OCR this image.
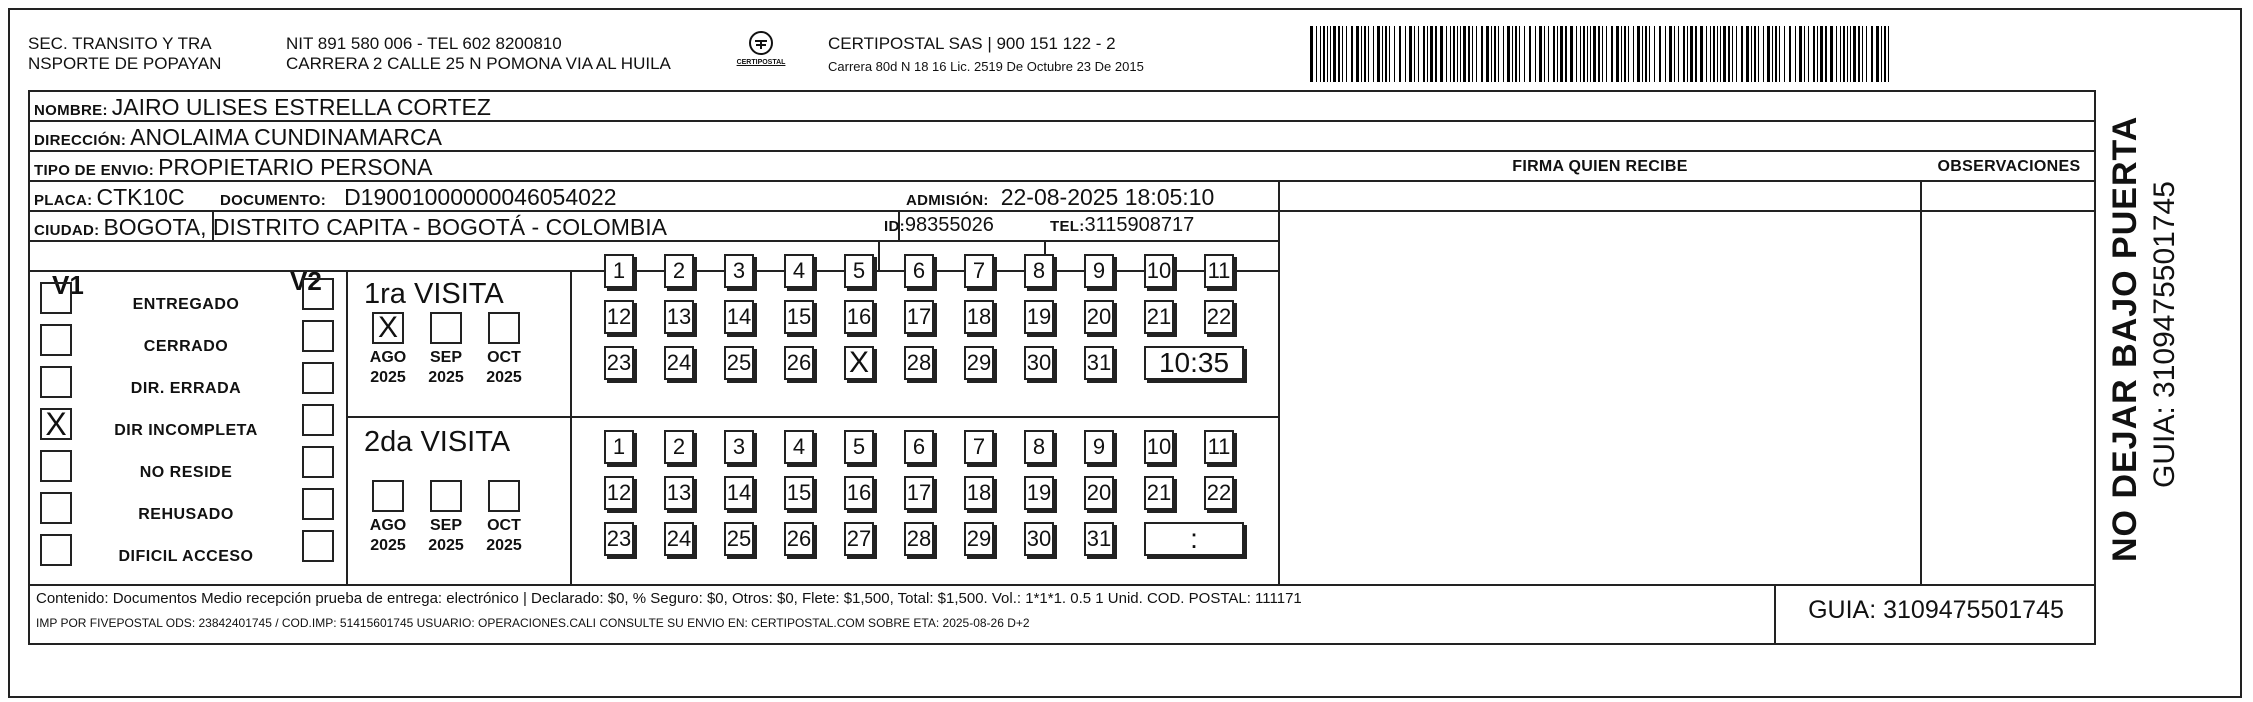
SEC. TRANSITO Y TRA
NSPORTE DE POPAYAN
NIT 891 580 006 - TEL 602 8200810
CARRERA 2 CALLE 25 N POMONA VIA AL HUILA	CERTIPOSTAL
CERTIPOSTAL SAS | 900 151 122 - 2
Carrera 80d N 18 16 Lic. 2519 De Octubre 23 De 2015
NOMBRE: JAIRO ULISES ESTRELLA CORTEZ
DIRECCIÓN: ANOLAIMA CUNDINAMARCA
TIPO DE ENVIO: PROPIETARIO PERSONA	FIRMA QUIEN RECIBE	OBSERVACIONES
PLACA: CTK10C DOCUMENTO: D19001000000046054022	ADMISIÓN: 22-08-2025 18:05:10
CIUDAD: BOGOTA, DISTRITO CAPITA - BOGOTÁ - COLOMBIA	ID: 98355026	TEL: 3115908717
V1	V2
ENTREGADO
CERRADO
DIR. ERRADA
X	DIR INCOMPLETA
NO RESIDE
REHUSADO
DIFICIL ACCESO
1ra VISITA
X
AGO
2025
SEP
2025
OCT
2025
1	2	3	4	5	6	7	8	9	10 11
12 13 14 15 16 17 18 19 20 21 22
23 24 25 26 X 28 29 30 31	10:35
2da VISITA
AGO
2025
SEP
2025
OCT
2025
1	2	3	4	5	6	7	8	9	10 11
12 13 14 15 16 17 18 19 20 21 22
23 24 25 26 27 28 29 30 31	:
Contenido: Documentos Medio recepción prueba de entrega: electrónico | Declarado: $0, % Seguro: $0, Otros: $0, Flete: $1,500, Total: $1,500. Vol.: 1*1*1. 0.5 1 Unid. COD. POSTAL: 111171
IMP POR FIVEPOSTAL ODS: 23842401745 / COD.IMP: 51415601745 USUARIO: OPERACIONES.CALI CONSULTE SU ENVIO EN: CERTIPOSTAL.COM SOBRE ETA: 2025-08-26 D+2	GUIA: 3109475501745
NO DEJAR BAJO PUERTA GUIA: 3109475501745
